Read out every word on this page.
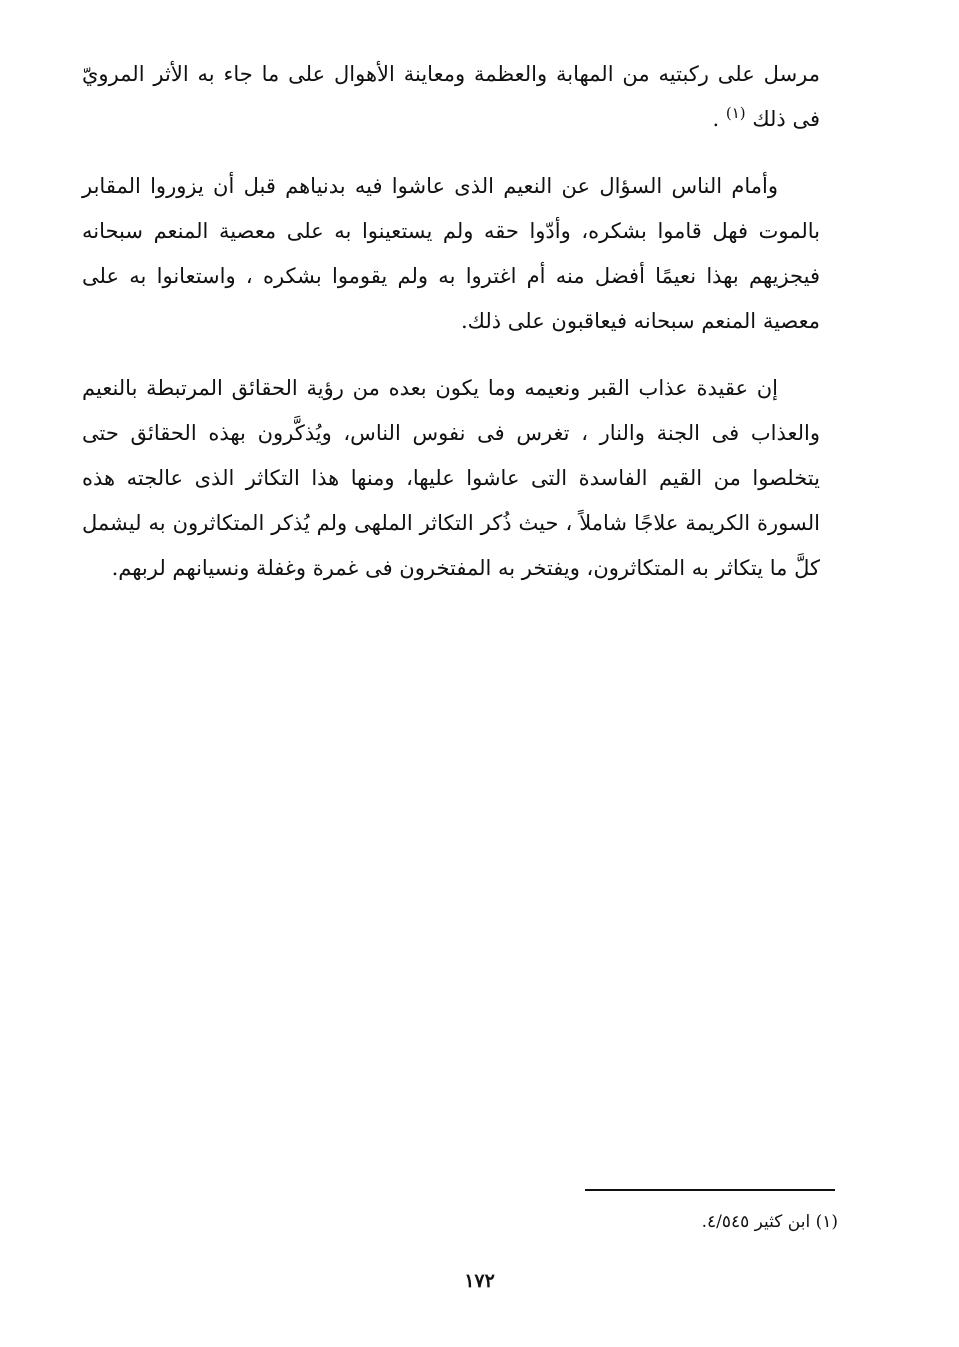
مرسل على ركبتيه من المهابة والعظمة ومعاينة الأهوال على ما جاء به الأثر المرويّ فى ذلك $^{(١)}$ .

وأمام الناس السؤال عن النعيم الذى عاشوا فيه بدنياهم قبل أن يزوروا المقابر بالموت فهل قاموا بشكره، وأدّوا حقه ولم يستعينوا به على معصية المنعم سبحانه فيجزيهم بهذا نعيمًا أفضل منه أم اغتروا به ولم يقوموا بشكره ، واستعانوا به على معصية المنعم سبحانه فيعاقبون على ذلك.

إن عقيدة عذاب القبر ونعيمه وما يكون بعده من رؤية الحقائق المرتبطة بالنعيم والعذاب فى الجنة والنار ، تغرس فى نفوس الناس، ويُذكَّرون بهذه الحقائق حتى يتخلصوا من القيم الفاسدة التى عاشوا عليها، ومنها هذا التكاثر الذى عالجته هذه السورة الكريمة علاجًا شاملاً ، حيث ذُكر التكاثر الملهى ولم يُذكر المتكاثرون به ليشمل كلَّ ما يتكاثر به المتكاثرون، ويفتخر به المفتخرون فى غمرة وغفلة ونسيانهم لربهم.

(١) ابن كثير ٤/٥٤٥.
١٧٢
